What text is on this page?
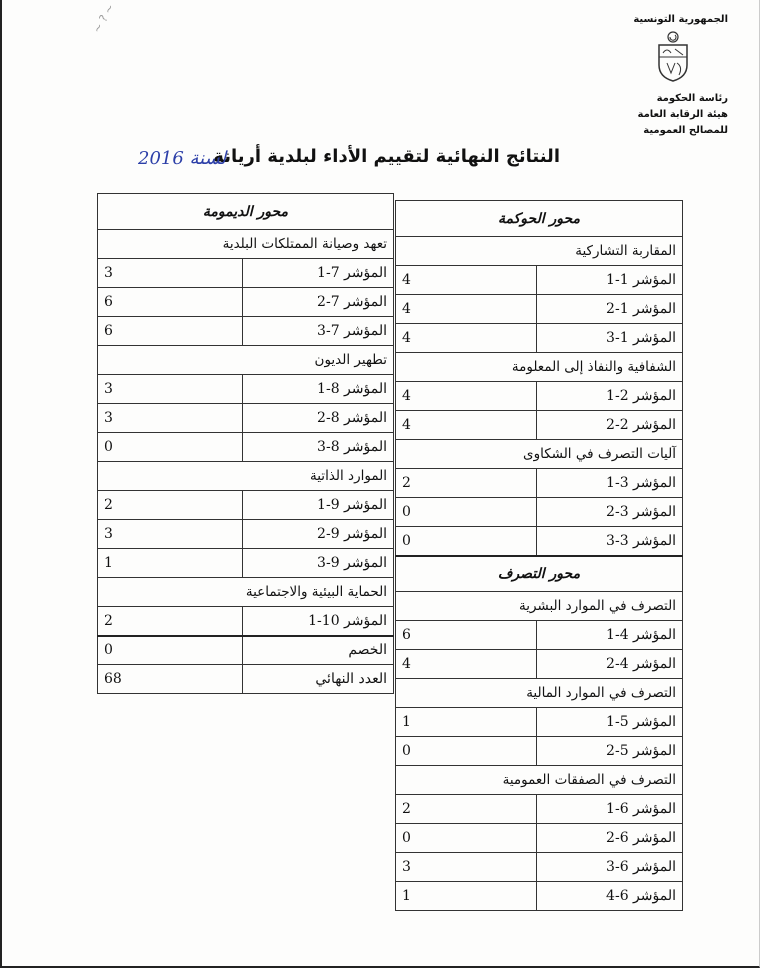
~ ? ~	الجمهورية التونسية
رئاسة الحكومة
هيئة الرقابة العامة
للمصالح العمومية
النتائج النهائية لتقييم الأداء لبلدية أريانة
لسنة 2016
محور الديمومة	
تعهد وصيانة الممتلكات البلدية	
3	المؤشر 7-1
6	المؤشر 7-2
6	المؤشر 7-3
تطهير الديون	
3	المؤشر 8-1
3	المؤشر 8-2
0	المؤشر 8-3
الموارد الذاتية	
2	المؤشر 9-1
3	المؤشر 9-2
1	المؤشر 9-3
الحماية البيئية والاجتماعية	
2	المؤشر 10-1
0	الخصم
68	العدد النهائي
محور الحوكمة	
المقاربة التشاركية	
4	المؤشر 1-1
4	المؤشر 1-2
4	المؤشر 1-3
الشفافية والنفاذ إلى المعلومة	
4	المؤشر 2-1
4	المؤشر 2-2
آليات التصرف في الشكاوى	
2	المؤشر 3-1
0	المؤشر 3-2
0	المؤشر 3-3
محور التصرف	
التصرف في الموارد البشرية	
6	المؤشر 4-1
4	المؤشر 4-2
التصرف في الموارد المالية	
1	المؤشر 5-1
0	المؤشر 5-2
التصرف في الصفقات العمومية	
2	المؤشر 6-1
0	المؤشر 6-2
3	المؤشر 6-3
1	المؤشر 6-4
